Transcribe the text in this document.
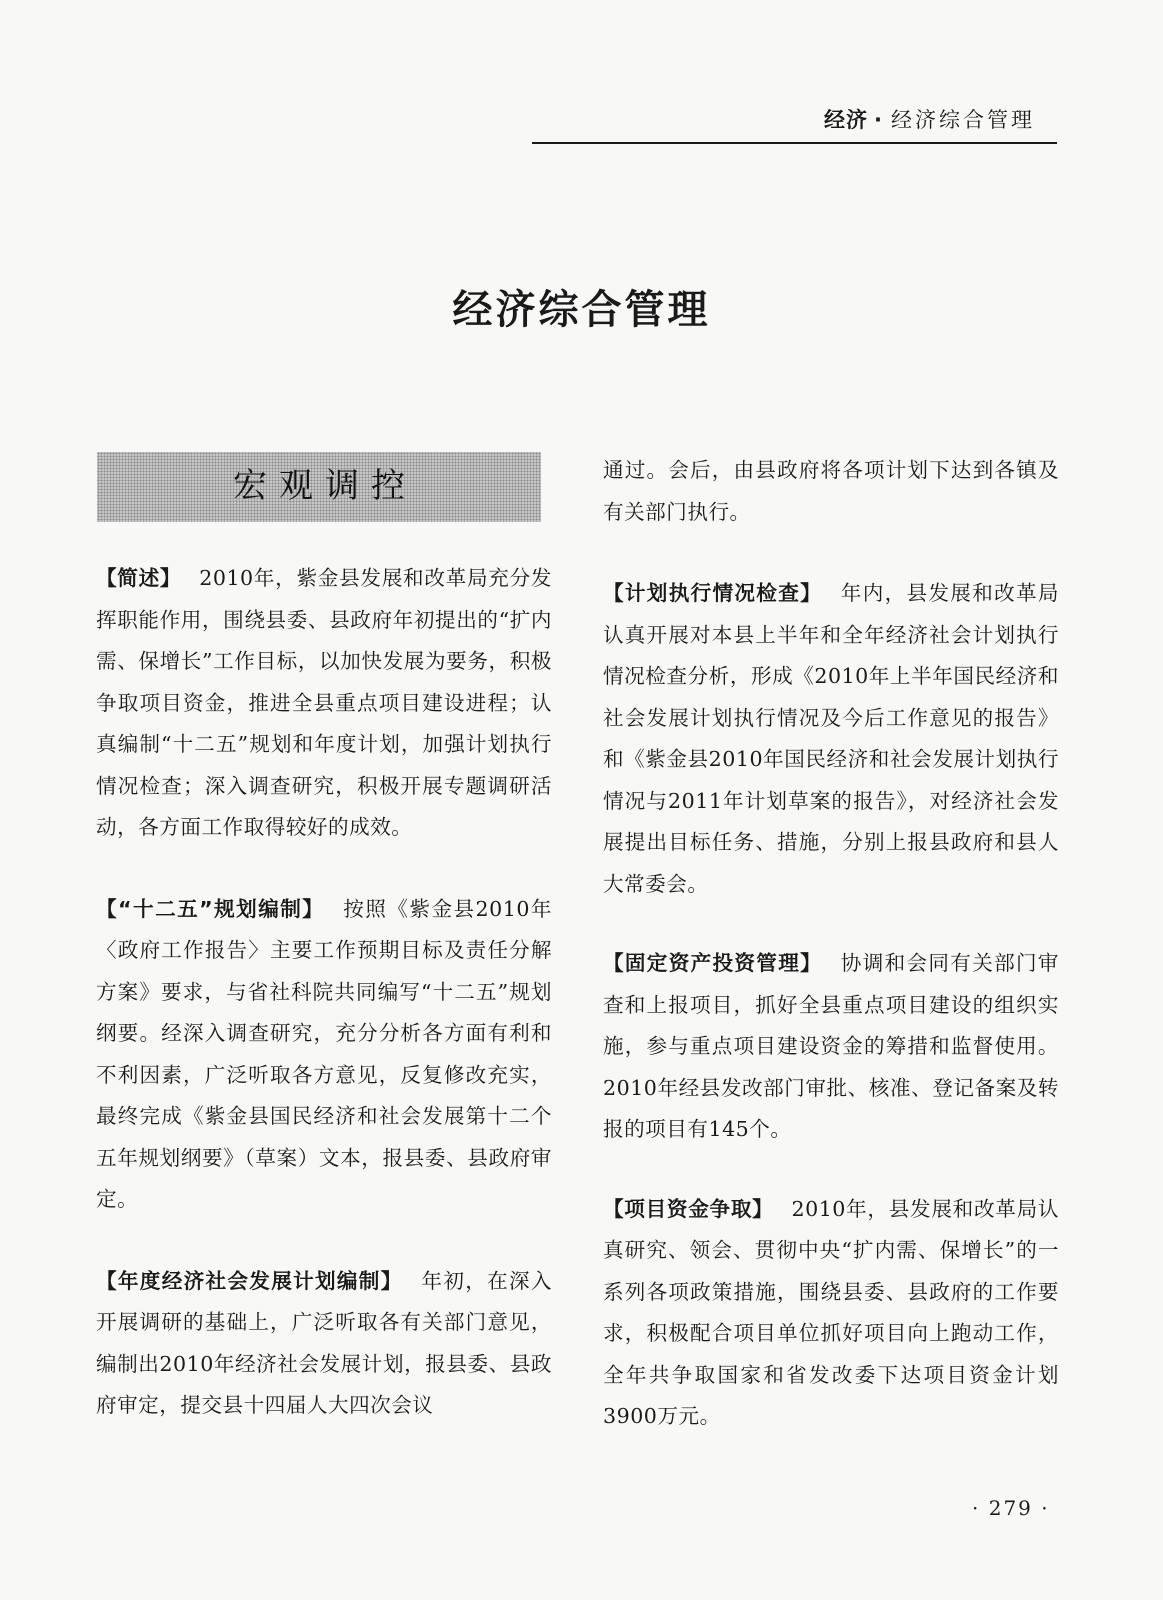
经济 · 经济综合管理
经济综合管理
宏观调控

【简述】 2010年，紫金县发展和改革局充分发挥职能作用，围绕县委、县政府年初提出的“扩内需、保增长”工作目标，以加快发展为要务，积极争取项目资金，推进全县重点项目建设进程；认真编制“十二五”规划和年度计划，加强计划执行情况检查；深入调查研究，积极开展专题调研活动，各方面工作取得较好的成效。

【“十二五”规划编制】 按照《紫金县2010年〈政府工作报告〉主要工作预期目标及责任分解方案》要求，与省社科院共同编写“十二五”规划纲要。经深入调查研究，充分分析各方面有利和不利因素，广泛听取各方意见，反复修改充实，最终完成《紫金县国民经济和社会发展第十二个五年规划纲要》（草案）文本，报县委、县政府审定。

【年度经济社会发展计划编制】 年初，在深入开展调研的基础上，广泛听取各有关部门意见，编制出2010年经济社会发展计划，报县委、县政府审定，提交县十四届人大四次会议

通过。会后，由县政府将各项计划下达到各镇及有关部门执行。

【计划执行情况检查】 年内，县发展和改革局认真开展对本县上半年和全年经济社会计划执行情况检查分析，形成《2010年上半年国民经济和社会发展计划执行情况及今后工作意见的报告》和《紫金县2010年国民经济和社会发展计划执行情况与2011年计划草案的报告》，对经济社会发展提出目标任务、措施，分别上报县政府和县人大常委会。

【固定资产投资管理】 协调和会同有关部门审查和上报项目，抓好全县重点项目建设的组织实施，参与重点项目建设资金的筹措和监督使用。2010年经县发改部门审批、核准、登记备案及转报的项目有145个。

【项目资金争取】 2010年，县发展和改革局认真研究、领会、贯彻中央“扩内需、保增长”的一系列各项政策措施，围绕县委、县政府的工作要求，积极配合项目单位抓好项目向上跑动工作，全年共争取国家和省发改委下达项目资金计划3900万元。

· 279 ·
